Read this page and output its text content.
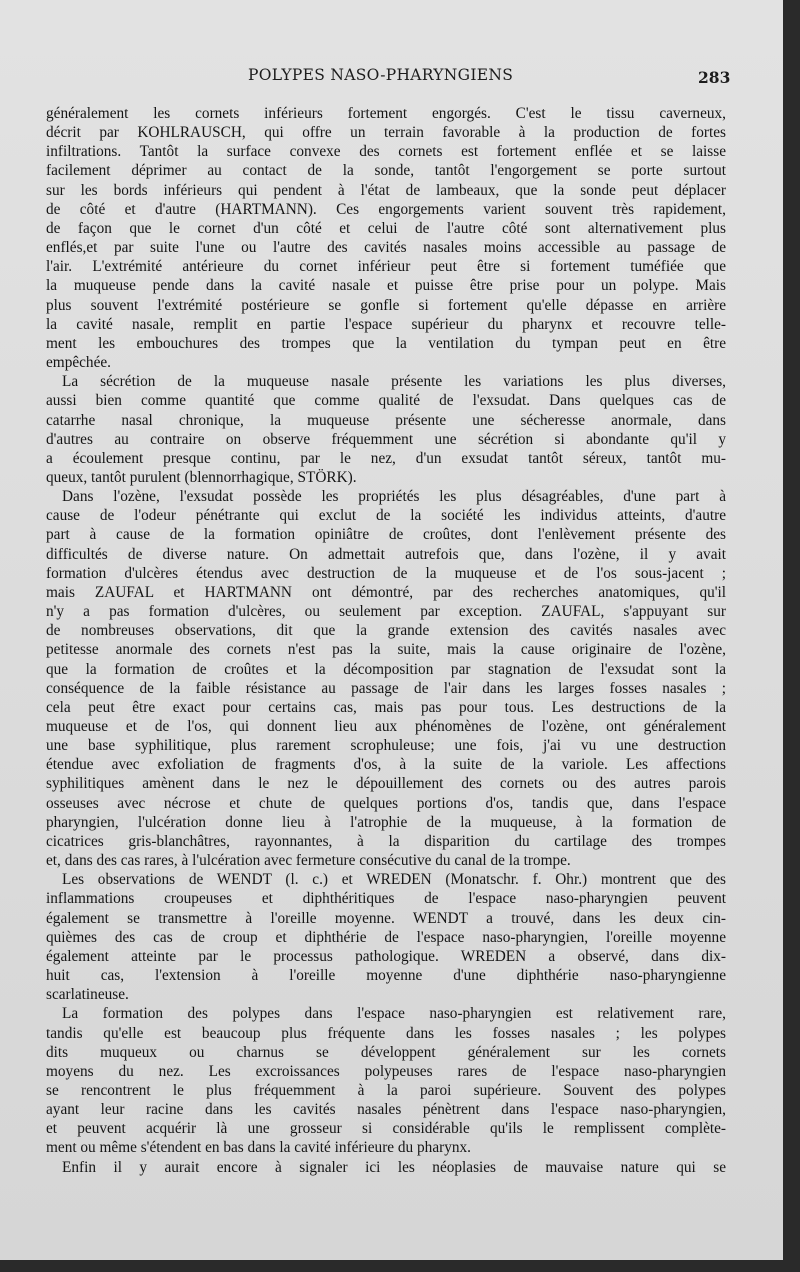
POLYPES NASO-PHARYNGIENS	283
généralement les cornets inférieurs fortement engorgés. C'est le tissu caverneux,
décrit par KOHLRAUSCH, qui offre un terrain favorable à la production de fortes
infiltrations. Tantôt la surface convexe des cornets est fortement enflée et se laisse
facilement déprimer au contact de la sonde, tantôt l'engorgement se porte surtout
sur les bords inférieurs qui pendent à l'état de lambeaux, que la sonde peut déplacer
de côté et d'autre (HARTMANN). Ces engorgements varient souvent très rapidement,
de façon que le cornet d'un côté et celui de l'autre côté sont alternativement plus
enflés,et par suite l'une ou l'autre des cavités nasales moins accessible au passage de
l'air. L'extrémité antérieure du cornet inférieur peut être si fortement tuméfiée que
la muqueuse pende dans la cavité nasale et puisse être prise pour un polype. Mais
plus souvent l'extrémité postérieure se gonfle si fortement qu'elle dépasse en arrière
la cavité nasale, remplit en partie l'espace supérieur du pharynx et recouvre telle-
ment les embouchures des trompes que la ventilation du tympan peut en être
empêchée.
La sécrétion de la muqueuse nasale présente les variations les plus diverses,
aussi bien comme quantité que comme qualité de l'exsudat. Dans quelques cas de
catarrhe nasal chronique, la muqueuse présente une sécheresse anormale, dans
d'autres au contraire on observe fréquemment une sécrétion si abondante qu'il y
a écoulement presque continu, par le nez, d'un exsudat tantôt séreux, tantôt mu-
queux, tantôt purulent (blennorrhagique, STÖRK).
Dans l'ozène, l'exsudat possède les propriétés les plus désagréables, d'une part à
cause de l'odeur pénétrante qui exclut de la société les individus atteints, d'autre
part à cause de la formation opiniâtre de croûtes, dont l'enlèvement présente des
difficultés de diverse nature. On admettait autrefois que, dans l'ozène, il y avait
formation d'ulcères étendus avec destruction de la muqueuse et de l'os sous-jacent ;
mais ZAUFAL et HARTMANN ont démontré, par des recherches anatomiques, qu'il
n'y a pas formation d'ulcères, ou seulement par exception. ZAUFAL, s'appuyant sur
de nombreuses observations, dit que la grande extension des cavités nasales avec
petitesse anormale des cornets n'est pas la suite, mais la cause originaire de l'ozène,
que la formation de croûtes et la décomposition par stagnation de l'exsudat sont la
conséquence de la faible résistance au passage de l'air dans les larges fosses nasales ;
cela peut être exact pour certains cas, mais pas pour tous. Les destructions de la
muqueuse et de l'os, qui donnent lieu aux phénomènes de l'ozène, ont généralement
une base syphilitique, plus rarement scrophuleuse; une fois, j'ai vu une destruction
étendue avec exfoliation de fragments d'os, à la suite de la variole. Les affections
syphilitiques amènent dans le nez le dépouillement des cornets ou des autres parois
osseuses avec nécrose et chute de quelques portions d'os, tandis que, dans l'espace
pharyngien, l'ulcération donne lieu à l'atrophie de la muqueuse, à la formation de
cicatrices gris-blanchâtres, rayonnantes, à la disparition du cartilage des trompes
et, dans des cas rares, à l'ulcération avec fermeture consécutive du canal de la trompe.
Les observations de WENDT (l. c.) et WREDEN (Monatschr. f. Ohr.) montrent que des
inflammations croupeuses et diphthéritiques de l'espace naso-pharyngien peuvent
également se transmettre à l'oreille moyenne. WENDT a trouvé, dans les deux cin-
quièmes des cas de croup et diphthérie de l'espace naso-pharyngien, l'oreille moyenne
également atteinte par le processus pathologique. WREDEN a observé, dans dix-
huit cas, l'extension à l'oreille moyenne d'une diphthérie naso-pharyngienne
scarlatineuse.
La formation des polypes dans l'espace naso-pharyngien est relativement rare,
tandis qu'elle est beaucoup plus fréquente dans les fosses nasales ; les polypes
dits muqueux ou charnus se développent généralement sur les cornets
moyens du nez. Les excroissances polypeuses rares de l'espace naso-pharyngien
se rencontrent le plus fréquemment à la paroi supérieure. Souvent des polypes
ayant leur racine dans les cavités nasales pénètrent dans l'espace naso-pharyngien,
et peuvent acquérir là une grosseur si considérable qu'ils le remplissent complète-
ment ou même s'étendent en bas dans la cavité inférieure du pharynx.
Enfin il y aurait encore à signaler ici les néoplasies de mauvaise nature qui se
